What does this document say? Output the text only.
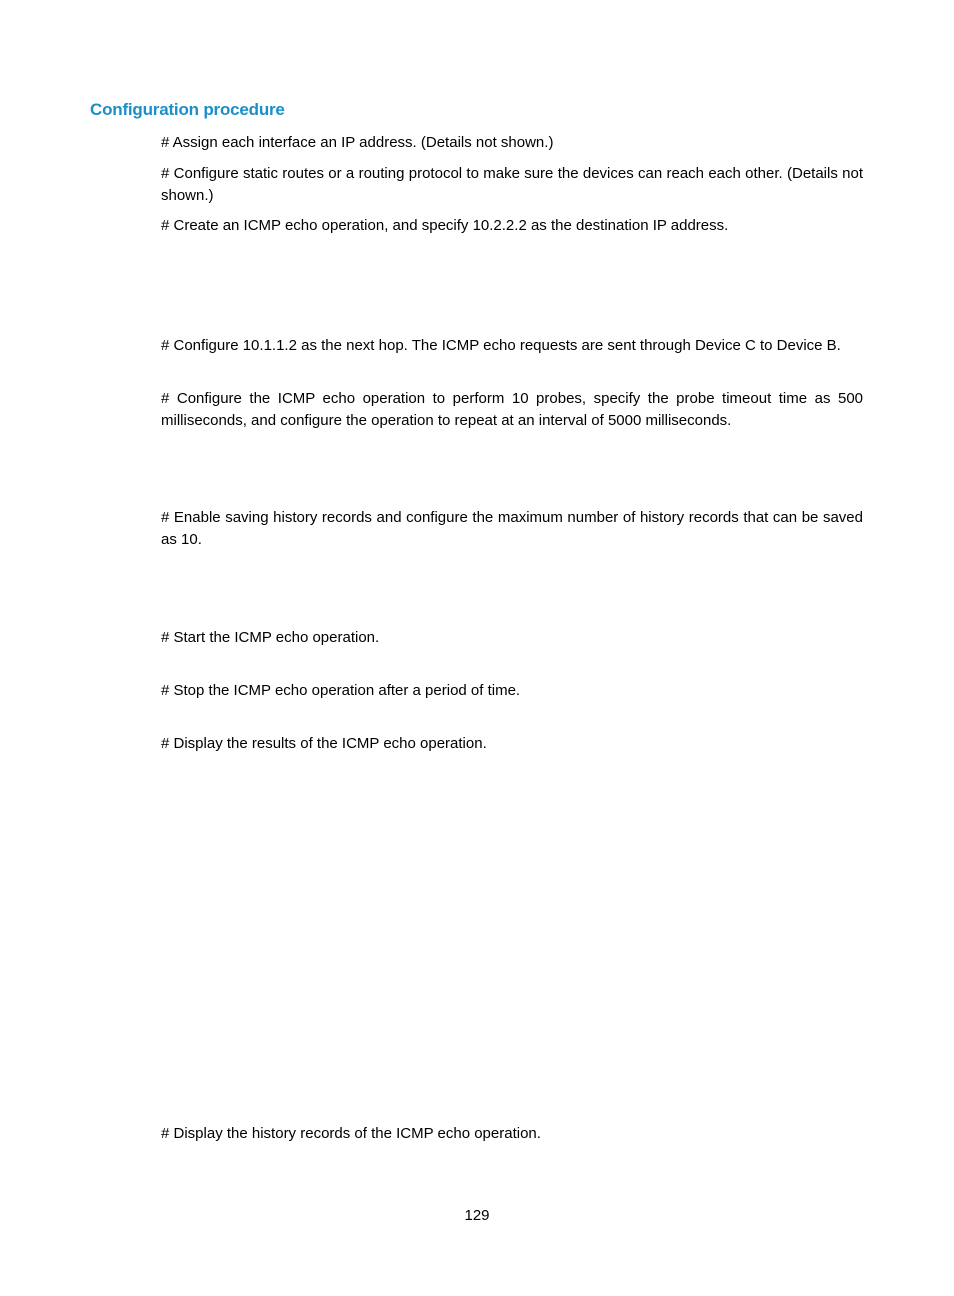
Configuration procedure
# Assign each interface an IP address. (Details not shown.)
# Configure static routes or a routing protocol to make sure the devices can reach each other. (Details not shown.)
# Create an ICMP echo operation, and specify 10.2.2.2 as the destination IP address.
# Configure 10.1.1.2 as the next hop. The ICMP echo requests are sent through Device C to Device B.
# Configure the ICMP echo operation to perform 10 probes, specify the probe timeout time as 500 milliseconds, and configure the operation to repeat at an interval of 5000 milliseconds.
# Enable saving history records and configure the maximum number of history records that can be saved as 10.
# Start the ICMP echo operation.
# Stop the ICMP echo operation after a period of time.
# Display the results of the ICMP echo operation.
# Display the history records of the ICMP echo operation.
129
